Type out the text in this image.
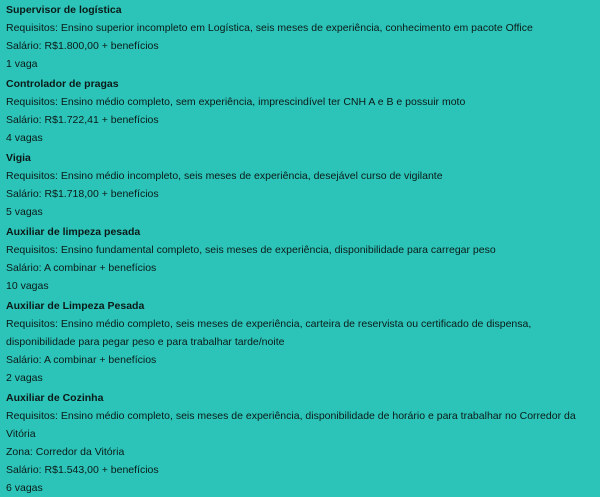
Supervisor de logística
Requisitos: Ensino superior incompleto em Logística, seis meses de experiência, conhecimento em pacote Office
Salário: R$1.800,00 + benefícios
1 vaga
Controlador de pragas
Requisitos: Ensino médio completo, sem experiência, imprescindível ter CNH A e B e possuir moto
Salário: R$1.722,41 + benefícios
4 vagas
Vigia
Requisitos: Ensino médio incompleto, seis meses de experiência, desejável curso de vigilante
Salário: R$1.718,00 + benefícios
5 vagas
Auxiliar de limpeza pesada
Requisitos: Ensino fundamental completo, seis meses de experiência, disponibilidade para carregar peso
Salário: A combinar + benefícios
10 vagas
Auxiliar de Limpeza Pesada
Requisitos: Ensino médio completo, seis meses de experiência, carteira de reservista ou certificado de dispensa, disponibilidade para pegar peso e para trabalhar tarde/noite
Salário: A combinar + benefícios
2 vagas
Auxiliar de Cozinha
Requisitos: Ensino médio completo, seis meses de experiência, disponibilidade de horário e para trabalhar no Corredor da Vitória
Zona: Corredor da Vitória
Salário: R$1.543,00 + benefícios
6 vagas
